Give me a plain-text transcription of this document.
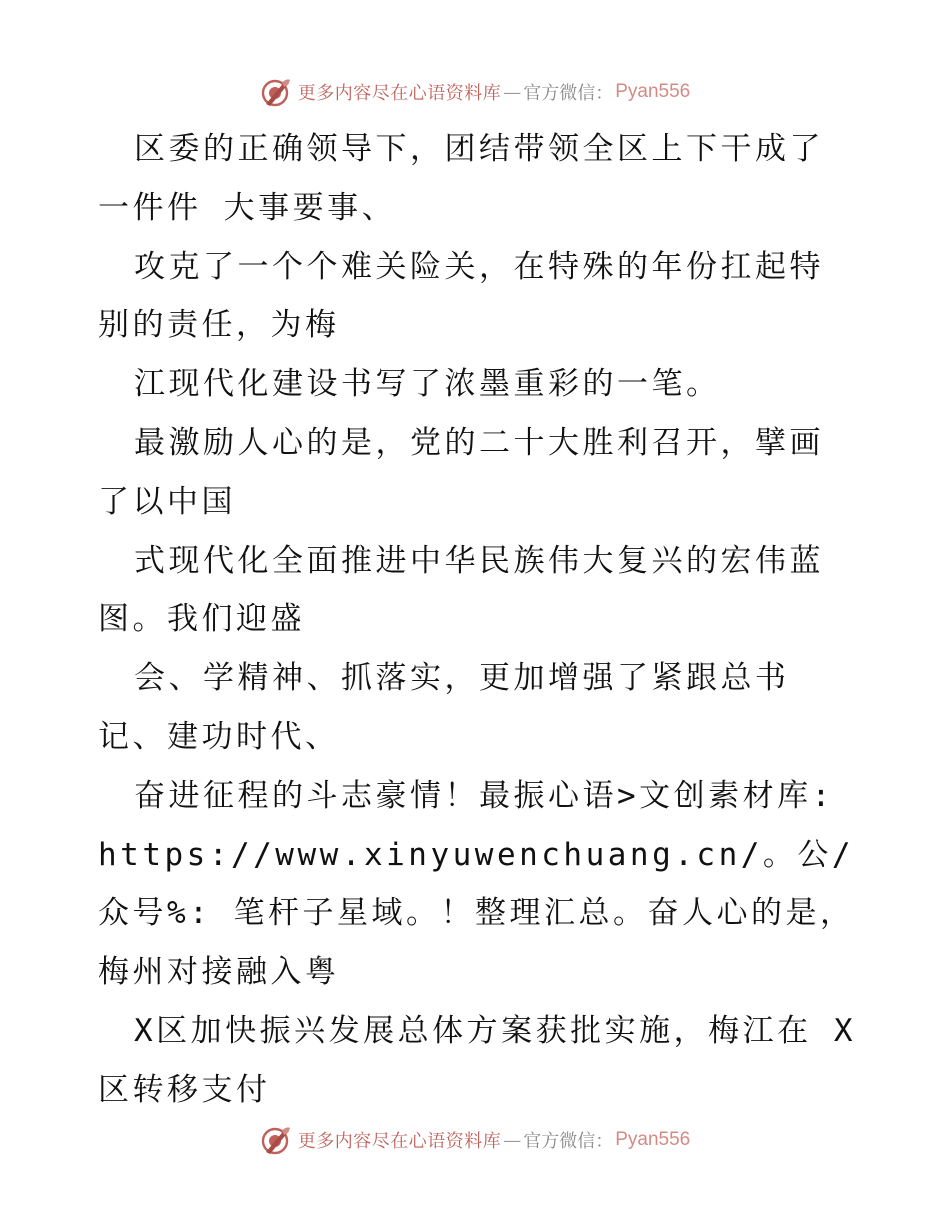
更多内容尽在心语资料库 — 官方微信： Pyan556

区委的正确领导下，团结带领全区上下干成了一件件 大事要事、

攻克了一个个难关险关，在特殊的年份扛起特别的责任，为梅

江现代化建设书写了浓墨重彩的一笔。

最激励人心的是，党的二十大胜利召开，擘画了以中国

式现代化全面推进中华民族伟大复兴的宏伟蓝图。我们迎盛

会、学精神、抓落实，更加增强了紧跟总书记、建功时代、

奋进征程的斗志豪情！最振心语>文创素材库: https://www.xinyuwenchuang.cn/。公/众号%: 笔杆子星域。！整理汇总。奋人心的是，梅州对接融入粤

X区加快振兴发展总体方案获批实施，梅江在 X区转移支付

更多内容尽在心语资料库 — 官方微信： Pyan556
